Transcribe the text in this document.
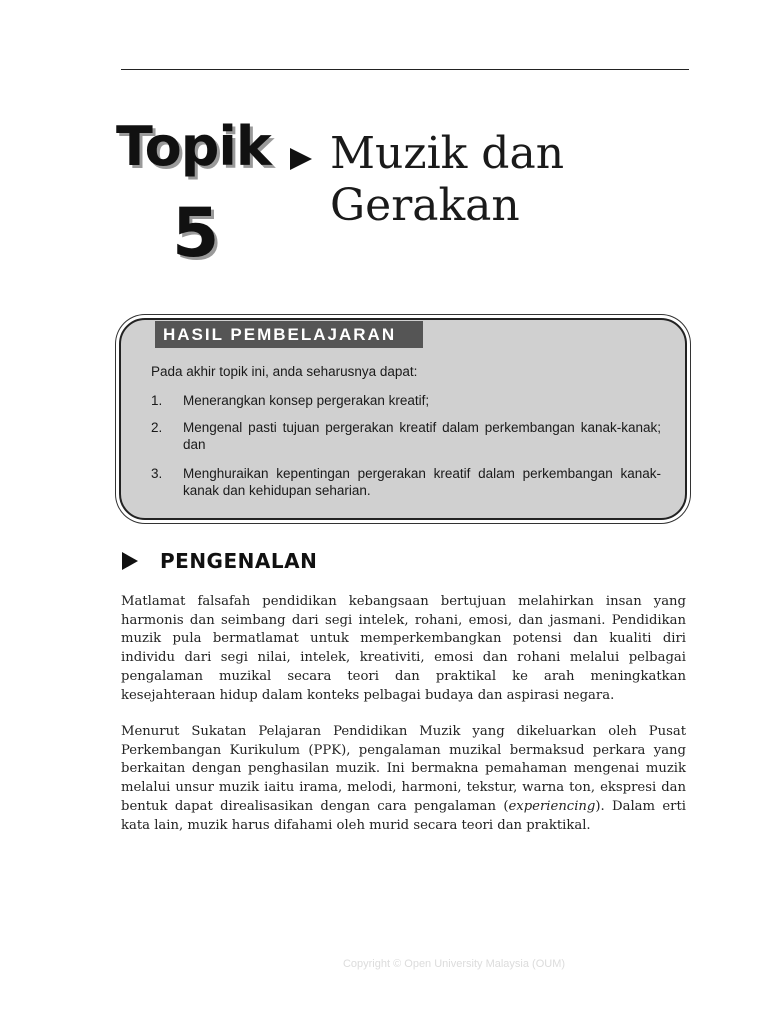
Topik
5
Muzik dan
Gerakan
HASIL PEMBELAJARAN
Pada akhir topik ini, anda seharusnya dapat:
1. Menerangkan konsep pergerakan kreatif;
2. Mengenal pasti tujuan pergerakan kreatif dalam perkembangan kanak-kanak; dan
3. Menghuraikan kepentingan pergerakan kreatif dalam perkembangan kanak-kanak dan kehidupan seharian.
PENGENALAN

Matlamat falsafah pendidikan kebangsaan bertujuan melahirkan insan yang harmonis dan seimbang dari segi intelek, rohani, emosi, dan jasmani. Pendidikan muzik pula bermatlamat untuk memperkembangkan potensi dan kualiti diri individu dari segi nilai, intelek, kreativiti, emosi dan rohani melalui pelbagai pengalaman muzikal secara teori dan praktikal ke arah meningkatkan kesejahteraan hidup dalam konteks pelbagai budaya dan aspirasi negara.

Menurut Sukatan Pelajaran Pendidikan Muzik yang dikeluarkan oleh Pusat Perkembangan Kurikulum (PPK), pengalaman muzikal bermaksud perkara yang berkaitan dengan penghasilan muzik. Ini bermakna pemahaman mengenai muzik melalui unsur muzik iaitu irama, melodi, harmoni, tekstur, warna ton, ekspresi dan bentuk dapat direalisasikan dengan cara pengalaman (experiencing). Dalam erti kata lain, muzik harus difahami oleh murid secara teori dan praktikal.

Copyright © Open University Malaysia (OUM)
